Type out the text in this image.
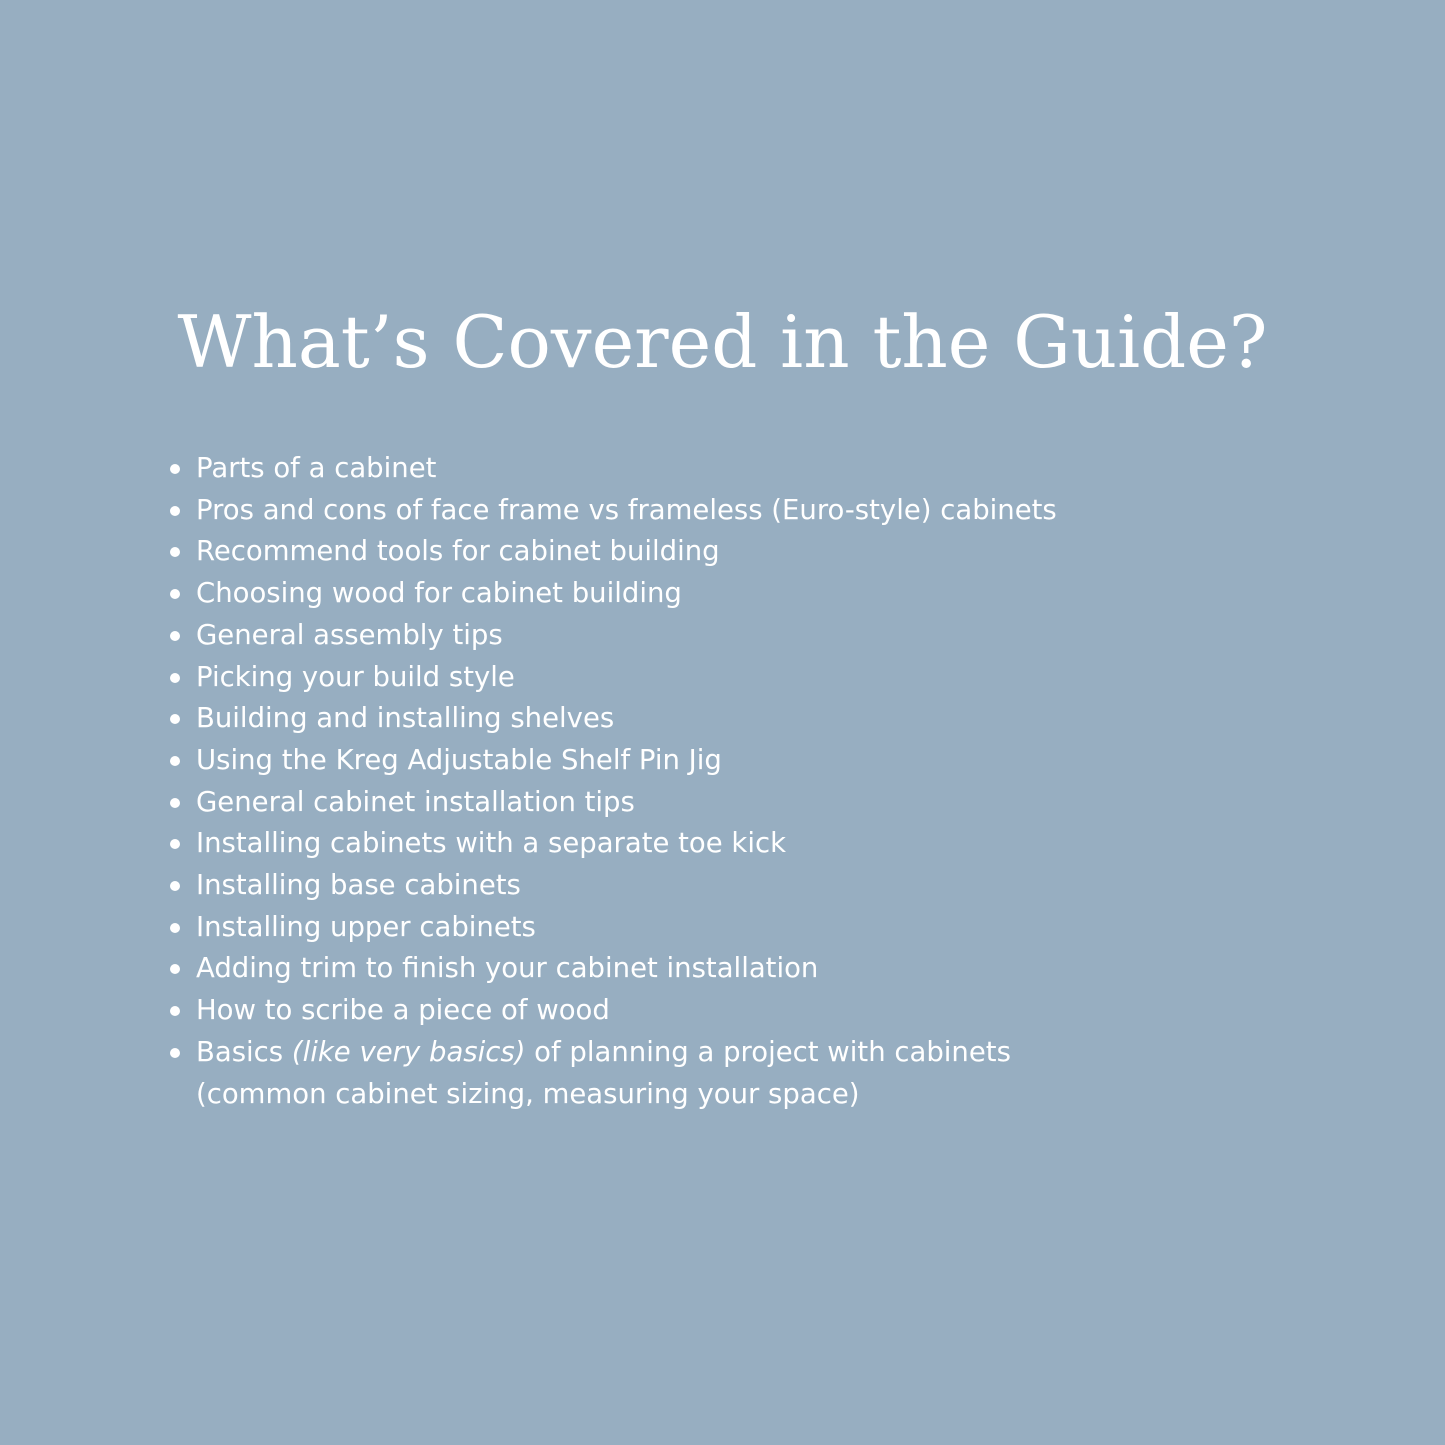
What’s Covered in the Guide?
Parts of a cabinet
Pros and cons of face frame vs frameless (Euro-style) cabinets
Recommend tools for cabinet building
Choosing wood for cabinet building
General assembly tips
Picking your build style
Building and installing shelves
Using the Kreg Adjustable Shelf Pin Jig
General cabinet installation tips
Installing cabinets with a separate toe kick
Installing base cabinets
Installing upper cabinets
Adding trim to finish your cabinet installation
How to scribe a piece of wood
Basics (like very basics) of planning a project with cabinets
(common cabinet sizing, measuring your space)
